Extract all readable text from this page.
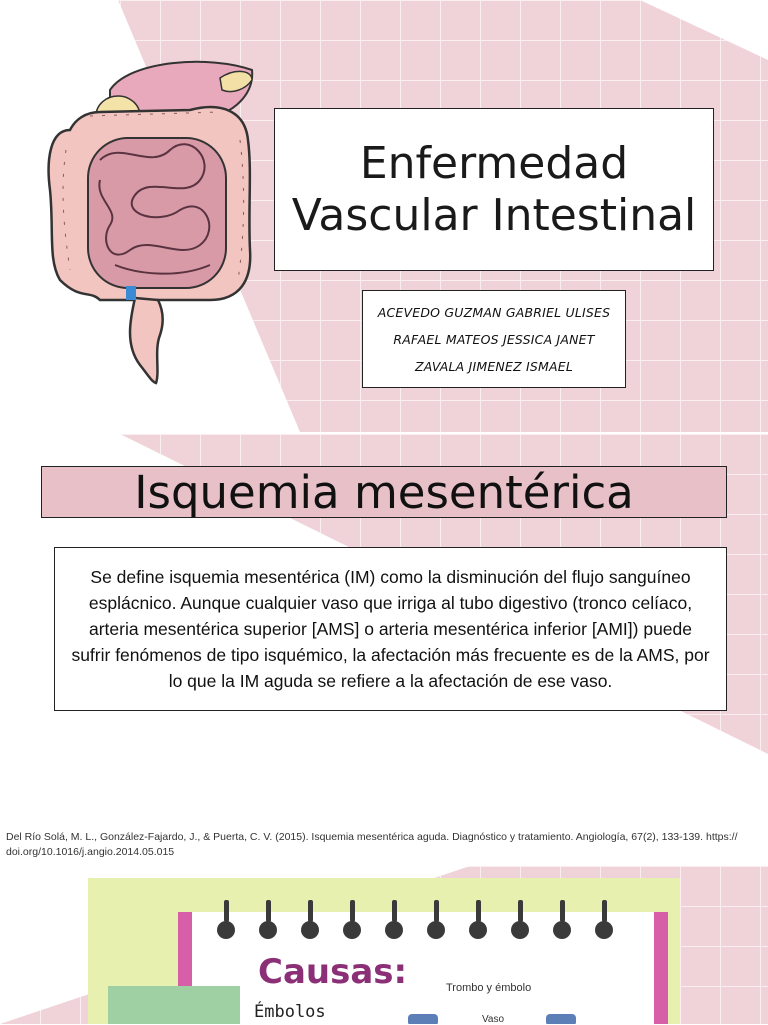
Enfermedad
Vascular Intestinal
ACEVEDO GUZMAN GABRIEL ULISES
RAFAEL MATEOS JESSICA JANET
ZAVALA JIMENEZ ISMAEL
Isquemia mesentérica

Se define isquemia mesentérica (IM) como la disminución del flujo sanguíneo esplácnico. Aunque cualquier vaso que irriga al tubo digestivo (tronco celíaco, arteria mesentérica superior [AMS] o arteria mesentérica inferior [AMI]) puede sufrir fenómenos de tipo isquémico, la afectación más frecuente es de la AMS, por lo que la IM aguda se refiere a la afectación de ese vaso.

Del Río Solá, M. L., González-Fajardo, J., & Puerta, C. V. (2015). Isquemia mesentérica aguda. Diagnóstico y tratamiento. Angiología, 67(2), 133-139. https:// doi.org/10.1016/j.angio.2014.05.015

Causas:

Émbolos

Trombo y émbolo

Vaso
